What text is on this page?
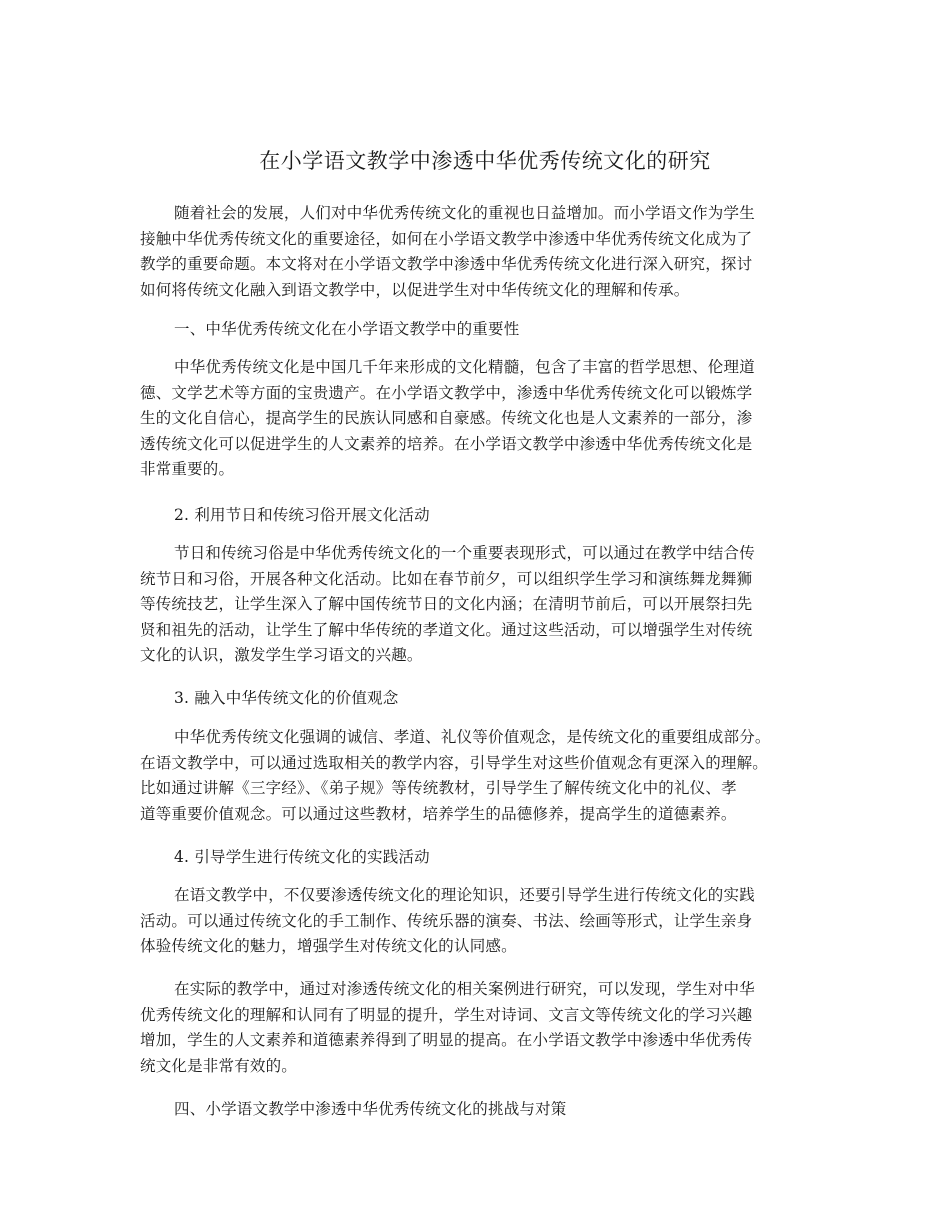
在小学语文教学中渗透中华优秀传统文化的研究

随着社会的发展，人们对中华优秀传统文化的重视也日益增加。而小学语文作为学生
接触中华优秀传统文化的重要途径，如何在小学语文教学中渗透中华优秀传统文化成为了
教学的重要命题。本文将对在小学语文教学中渗透中华优秀传统文化进行深入研究，探讨
如何将传统文化融入到语文教学中，以促进学生对中华传统文化的理解和传承。

一、中华优秀传统文化在小学语文教学中的重要性

中华优秀传统文化是中国几千年来形成的文化精髓，包含了丰富的哲学思想、伦理道
德、文学艺术等方面的宝贵遗产。在小学语文教学中，渗透中华优秀传统文化可以锻炼学
生的文化自信心，提高学生的民族认同感和自豪感。传统文化也是人文素养的一部分，渗
透传统文化可以促进学生的人文素养的培养。在小学语文教学中渗透中华优秀传统文化是
非常重要的。

2. 利用节日和传统习俗开展文化活动

节日和传统习俗是中华优秀传统文化的一个重要表现形式，可以通过在教学中结合传
统节日和习俗，开展各种文化活动。比如在春节前夕，可以组织学生学习和演练舞龙舞狮
等传统技艺，让学生深入了解中国传统节日的文化内涵；在清明节前后，可以开展祭扫先
贤和祖先的活动，让学生了解中华传统的孝道文化。通过这些活动，可以增强学生对传统
文化的认识，激发学生学习语文的兴趣。

3. 融入中华传统文化的价值观念

中华优秀传统文化强调的诚信、孝道、礼仪等价值观念，是传统文化的重要组成部分。
在语文教学中，可以通过选取相关的教学内容，引导学生对这些价值观念有更深入的理解。
比如通过讲解《三字经》、《弟子规》等传统教材，引导学生了解传统文化中的礼仪、孝
道等重要价值观念。可以通过这些教材，培养学生的品德修养，提高学生的道德素养。

4. 引导学生进行传统文化的实践活动

在语文教学中，不仅要渗透传统文化的理论知识，还要引导学生进行传统文化的实践
活动。可以通过传统文化的手工制作、传统乐器的演奏、书法、绘画等形式，让学生亲身
体验传统文化的魅力，增强学生对传统文化的认同感。

在实际的教学中，通过对渗透传统文化的相关案例进行研究，可以发现，学生对中华
优秀传统文化的理解和认同有了明显的提升，学生对诗词、文言文等传统文化的学习兴趣
增加，学生的人文素养和道德素养得到了明显的提高。在小学语文教学中渗透中华优秀传
统文化是非常有效的。

四、小学语文教学中渗透中华优秀传统文化的挑战与对策
